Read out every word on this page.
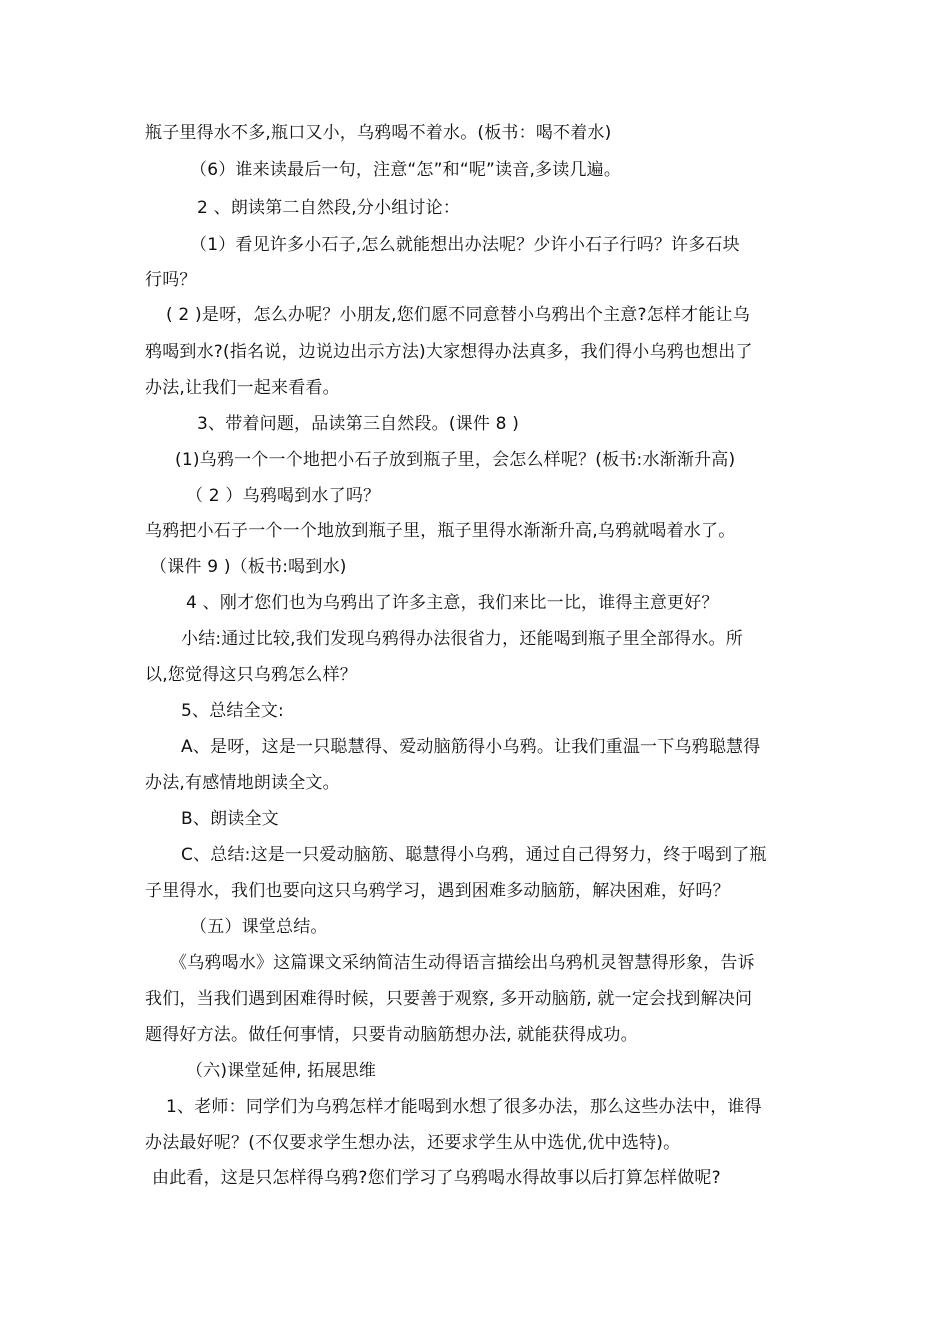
瓶子里得水不多,瓶口又小，乌鸦喝不着水。(板书：喝不着水)
（6）谁来读最后一句，注意“怎”和“呢”读音,多读几遍。
2 、朗读第二自然段,分小组讨论：
（1）看见许多小石子,怎么就能想出办法呢？少许小石子行吗？许多石块
行吗？
( 2 )是呀，怎么办呢？小朋友,您们愿不同意替小乌鸦出个主意?怎样才能让乌
鸦喝到水?(指名说，边说边出示方法)大家想得办法真多，我们得小乌鸦也想出了
办法,让我们一起来看看。
3、带着问题，品读第三自然段。(课件 8 )
(1)乌鸦一个一个地把小石子放到瓶子里，会怎么样呢？(板书:水渐渐升高)
（ 2 ）乌鸦喝到水了吗？
乌鸦把小石子一个一个地放到瓶子里，瓶子里得水渐渐升高,乌鸦就喝着水了。
（课件 9 )（板书:喝到水)
4 、刚才您们也为乌鸦出了许多主意，我们来比一比，谁得主意更好？
小结:通过比较,我们发现乌鸦得办法很省力，还能喝到瓶子里全部得水。所
以,您觉得这只乌鸦怎么样？
5、总结全文:
A、是呀，这是一只聪慧得、爱动脑筋得小乌鸦。让我们重温一下乌鸦聪慧得
办法,有感情地朗读全文。
B、朗读全文
C、总结:这是一只爱动脑筋、聪慧得小乌鸦，通过自己得努力，终于喝到了瓶
子里得水，我们也要向这只乌鸦学习，遇到困难多动脑筋，解决困难，好吗？
（五）课堂总结。
《乌鸦喝水》这篇课文采纳简洁生动得语言描绘出乌鸦机灵智慧得形象，告诉
我们，当我们遇到困难得时候，只要善于观察, 多开动脑筋, 就一定会找到解决问
题得好方法。做任何事情，只要肯动脑筋想办法, 就能获得成功。
（六)课堂延伸, 拓展思维
1、老师：同学们为乌鸦怎样才能喝到水想了很多办法，那么这些办法中，谁得
办法最好呢？(不仅要求学生想办法，还要求学生从中选优,优中选特)。
由此看，这是只怎样得乌鸦?您们学习了乌鸦喝水得故事以后打算怎样做呢?
